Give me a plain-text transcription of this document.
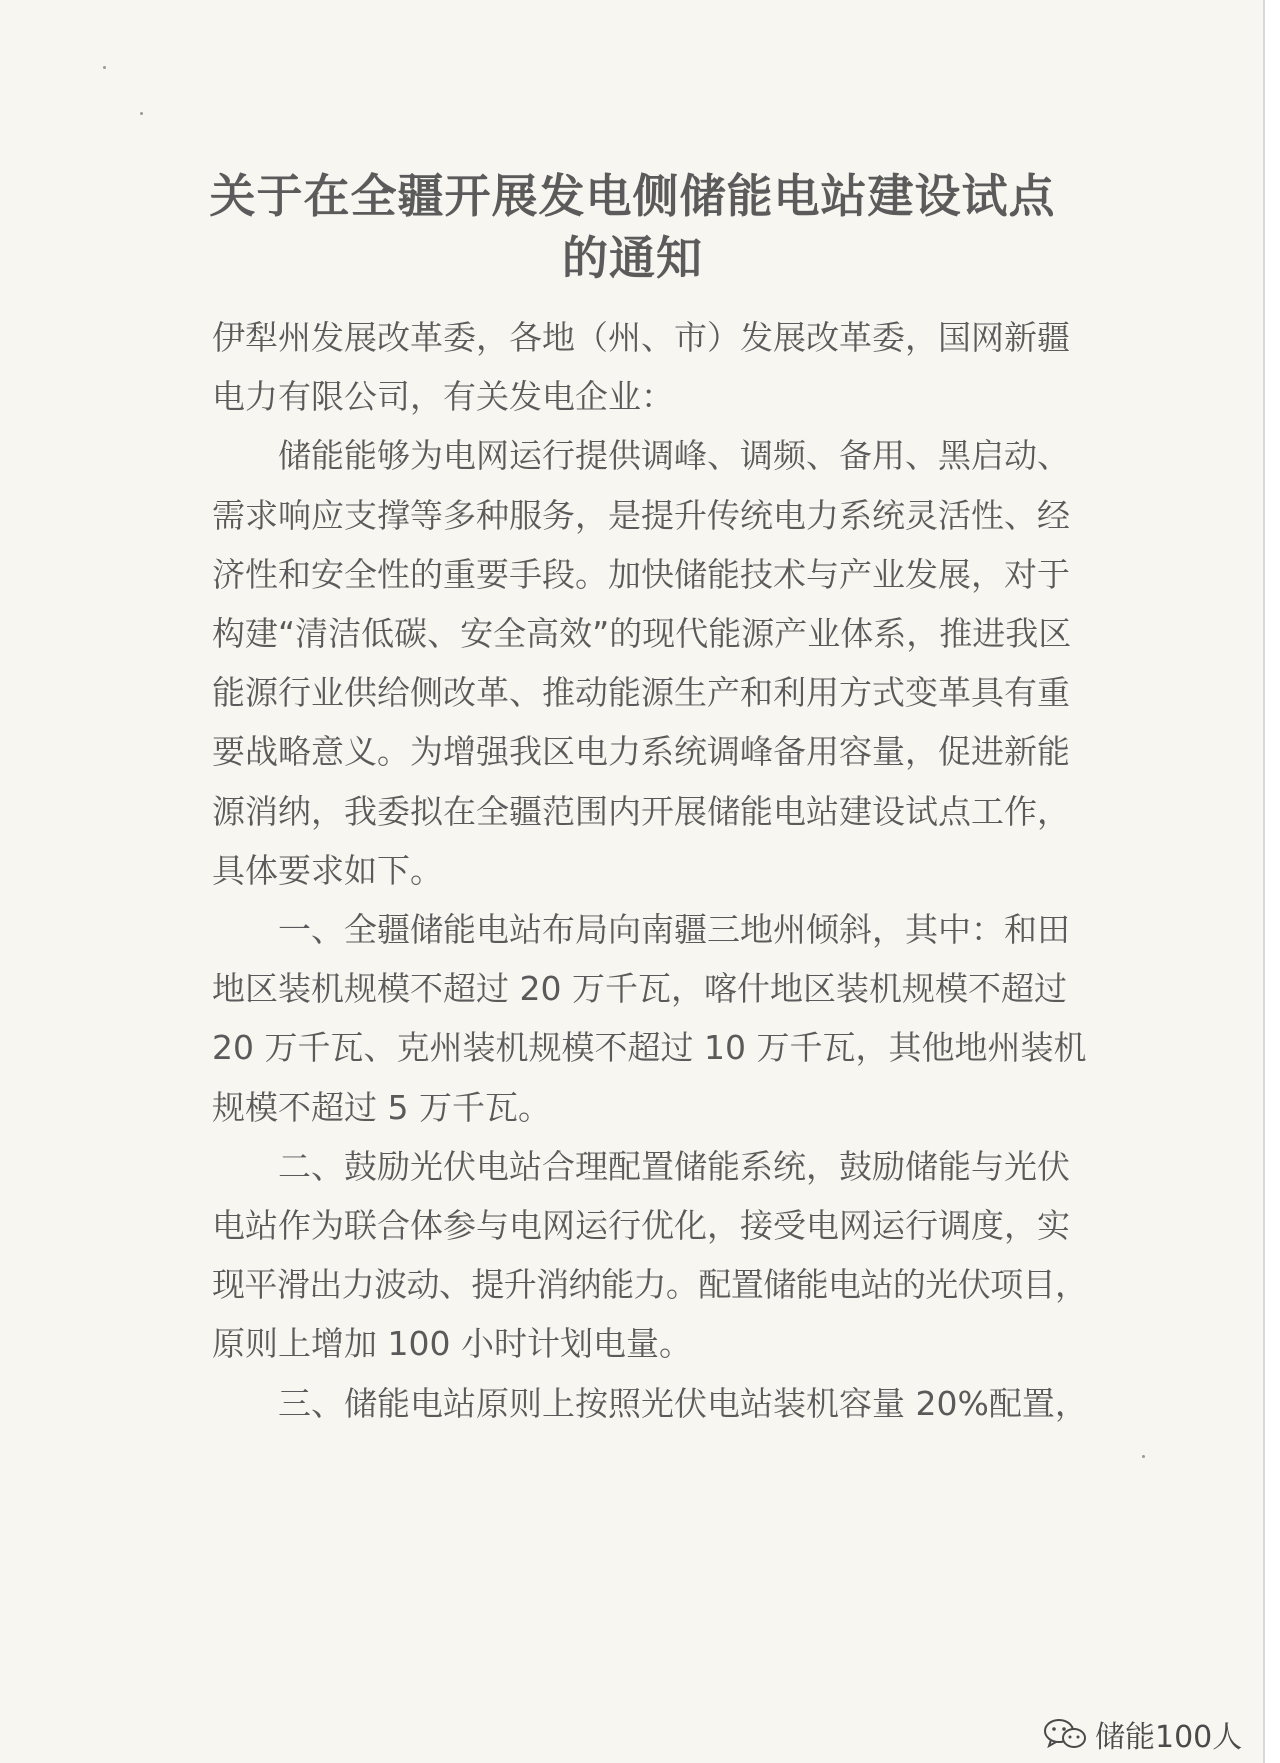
关于在全疆开展发电侧储能电站建设试点
的通知
伊犁州发展改革委，各地（州、市）发展改革委，国网新疆
电力有限公司，有关发电企业：
储能能够为电网运行提供调峰、调频、备用、黑启动、
需求响应支撑等多种服务，是提升传统电力系统灵活性、经
济性和安全性的重要手段。加快储能技术与产业发展，对于
构建“清洁低碳、安全高效”的现代能源产业体系，推进我区
能源行业供给侧改革、推动能源生产和利用方式变革具有重
要战略意义。为增强我区电力系统调峰备用容量，促进新能
源消纳，我委拟在全疆范围内开展储能电站建设试点工作，
具体要求如下。
一、全疆储能电站布局向南疆三地州倾斜，其中：和田
地区装机规模不超过 20 万千瓦，喀什地区装机规模不超过
20 万千瓦、克州装机规模不超过 10 万千瓦，其他地州装机
规模不超过 5 万千瓦。
二、鼓励光伏电站合理配置储能系统，鼓励储能与光伏
电站作为联合体参与电网运行优化，接受电网运行调度，实
现平滑出力波动、提升消纳能力。配置储能电站的光伏项目，
原则上增加 100 小时计划电量。
三、储能电站原则上按照光伏电站装机容量 20%配置，
储能100人
